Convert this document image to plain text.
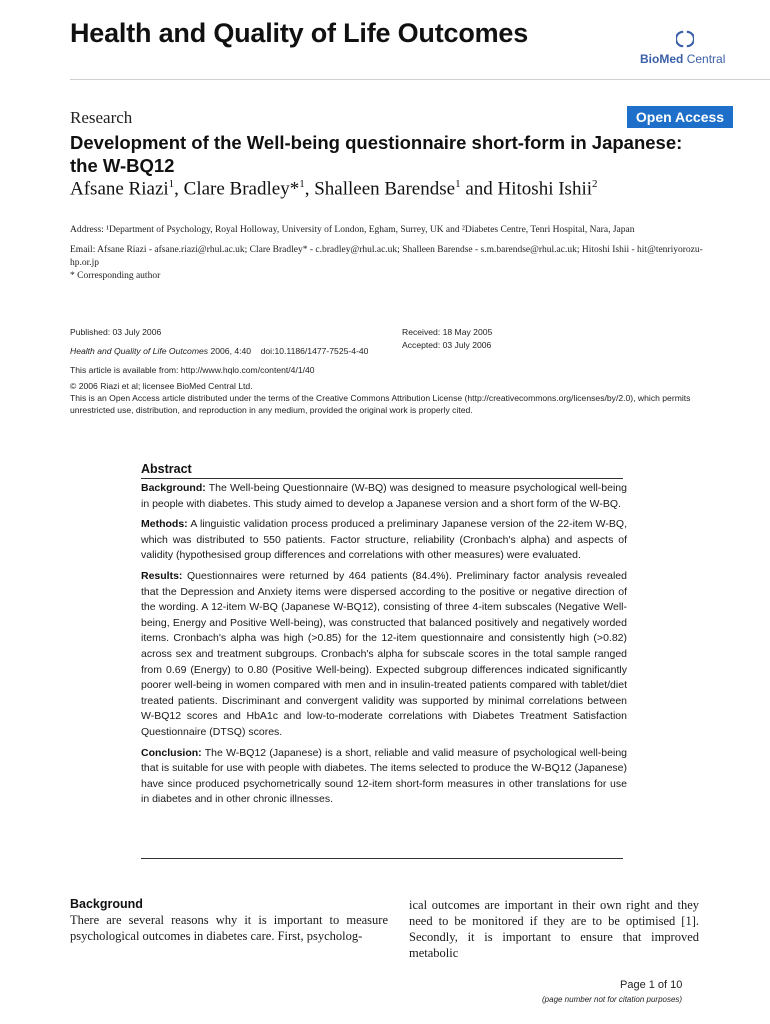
Health and Quality of Life Outcomes
BioMed Central
Research	Open Access
Development of the Well-being questionnaire short-form in Japanese: the W-BQ12
Afsane Riazi$^1$, Clare Bradley*$^1$, Shalleen Barendse$^1$ and Hitoshi Ishii$^2$
Address: ¹Department of Psychology, Royal Holloway, University of London, Egham, Surrey, UK and ²Diabetes Centre, Tenri Hospital, Nara, Japan
Email: Afsane Riazi - afsane.riazi@rhul.ac.uk; Clare Bradley* - c.bradley@rhul.ac.uk; Shalleen Barendse - s.m.barendse@rhul.ac.uk; Hitoshi Ishii - hit@tenriyorozu-hp.or.jp
* Corresponding author
Published: 03 July 2006
Health and Quality of Life Outcomes 2006, 4:40    doi:10.1186/1477-7525-4-40
Received: 18 May 2005
Accepted: 03 July 2006
This article is available from: http://www.hqlo.com/content/4/1/40
© 2006 Riazi et al; licensee BioMed Central Ltd.
This is an Open Access article distributed under the terms of the Creative Commons Attribution License (http://creativecommons.org/licenses/by/2.0), which permits unrestricted use, distribution, and reproduction in any medium, provided the original work is properly cited.
Abstract

Background: The Well-being Questionnaire (W-BQ) was designed to measure psychological well-being in people with diabetes. This study aimed to develop a Japanese version and a short form of the W-BQ.

Methods: A linguistic validation process produced a preliminary Japanese version of the 22-item W-BQ, which was distributed to 550 patients. Factor structure, reliability (Cronbach's alpha) and aspects of validity (hypothesised group differences and correlations with other measures) were evaluated.

Results: Questionnaires were returned by 464 patients (84.4%). Preliminary factor analysis revealed that the Depression and Anxiety items were dispersed according to the positive or negative direction of the wording. A 12-item W-BQ (Japanese W-BQ12), consisting of three 4-item subscales (Negative Well-being, Energy and Positive Well-being), was constructed that balanced positively and negatively worded items. Cronbach's alpha was high (>0.85) for the 12-item questionnaire and consistently high (>0.82) across sex and treatment subgroups. Cronbach's alpha for subscale scores in the total sample ranged from 0.69 (Energy) to 0.80 (Positive Well-being). Expected subgroup differences indicated significantly poorer well-being in women compared with men and in insulin-treated patients compared with tablet/diet treated patients. Discriminant and convergent validity was supported by minimal correlations between W-BQ12 scores and HbA1c and low-to-moderate correlations with Diabetes Treatment Satisfaction Questionnaire (DTSQ) scores.

Conclusion: The W-BQ12 (Japanese) is a short, reliable and valid measure of psychological well-being that is suitable for use with people with diabetes. The items selected to produce the W-BQ12 (Japanese) have since produced psychometrically sound 12-item short-form measures in other translations for use in diabetes and in other chronic illnesses.

Background
There are several reasons why it is important to measure psychological outcomes in diabetes care. First, psycholog-
ical outcomes are important in their own right and they need to be monitored if they are to be optimised [1]. Secondly, it is important to ensure that improved metabolic
Page 1 of 10
(page number not for citation purposes)
